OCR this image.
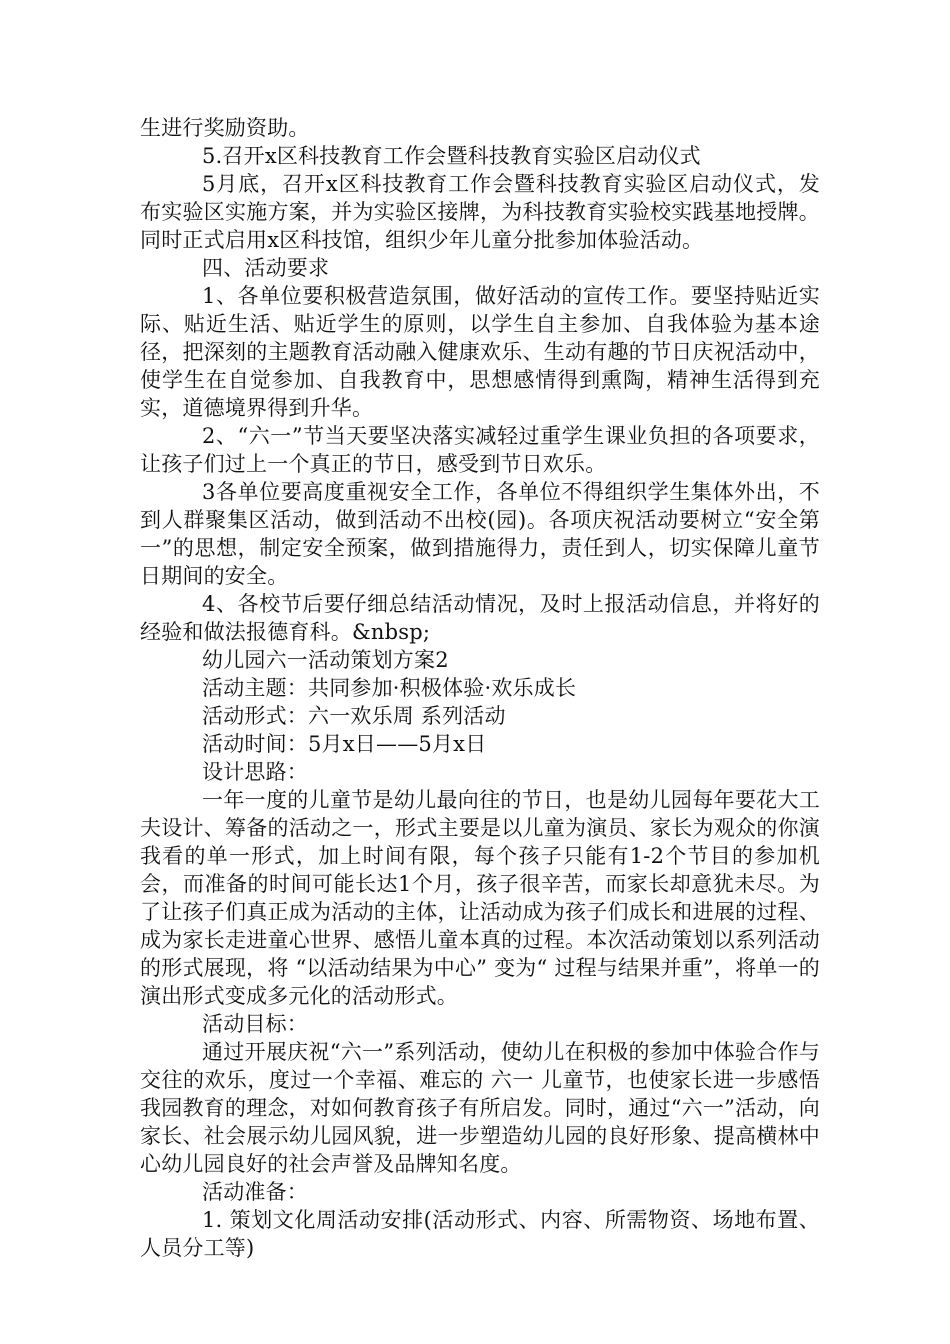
生进行奖励资助。

5.召开x区科技教育工作会暨科技教育实验区启动仪式

5月底，召开x区科技教育工作会暨科技教育实验区启动仪式，发布实验区实施方案，并为实验区接牌，为科技教育实验校实践基地授牌。同时正式启用x区科技馆，组织少年儿童分批参加体验活动。

四、活动要求

1、各单位要积极营造氛围，做好活动的宣传工作。要坚持贴近实际、贴近生活、贴近学生的原则，以学生自主参加、自我体验为基本途径，把深刻的主题教育活动融入健康欢乐、生动有趣的节日庆祝活动中，使学生在自觉参加、自我教育中，思想感情得到熏陶，精神生活得到充实，道德境界得到升华。

2、“六一”节当天要坚决落实减轻过重学生课业负担的各项要求，让孩子们过上一个真正的节日，感受到节日欢乐。

3各单位要高度重视安全工作，各单位不得组织学生集体外出，不到人群聚集区活动，做到活动不出校(园)。各项庆祝活动要树立“安全第一”的思想，制定安全预案，做到措施得力，责任到人，切实保障儿童节日期间的安全。

4、各校节后要仔细总结活动情况，及时上报活动信息，并将好的经验和做法报德育科。&nbsp;

幼儿园六一活动策划方案2

活动主题：共同参加·积极体验·欢乐成长

活动形式：六一欢乐周 系列活动

活动时间：5月x日——5月x日

设计思路：

一年一度的儿童节是幼儿最向往的节日，也是幼儿园每年要花大工夫设计、筹备的活动之一，形式主要是以儿童为演员、家长为观众的你演我看的单一形式，加上时间有限，每个孩子只能有1-2个节目的参加机会，而准备的时间可能长达1个月，孩子很辛苦，而家长却意犹未尽。为了让孩子们真正成为活动的主体，让活动成为孩子们成长和进展的过程、成为家长走进童心世界、感悟儿童本真的过程。本次活动策划以系列活动的形式展现，将 “以活动结果为中心” 变为“ 过程与结果并重”，将单一的演出形式变成多元化的活动形式。

活动目标：

通过开展庆祝“六一”系列活动，使幼儿在积极的参加中体验合作与交往的欢乐，度过一个幸福、难忘的 六一 儿童节，也使家长进一步感悟我园教育的理念，对如何教育孩子有所启发。同时，通过“六一”活动，向家长、社会展示幼儿园风貌，进一步塑造幼儿园的良好形象、提高横林中心幼儿园良好的社会声誉及品牌知名度。

活动准备：

1. 策划文化周活动安排(活动形式、内容、所需物资、场地布置、人员分工等)
